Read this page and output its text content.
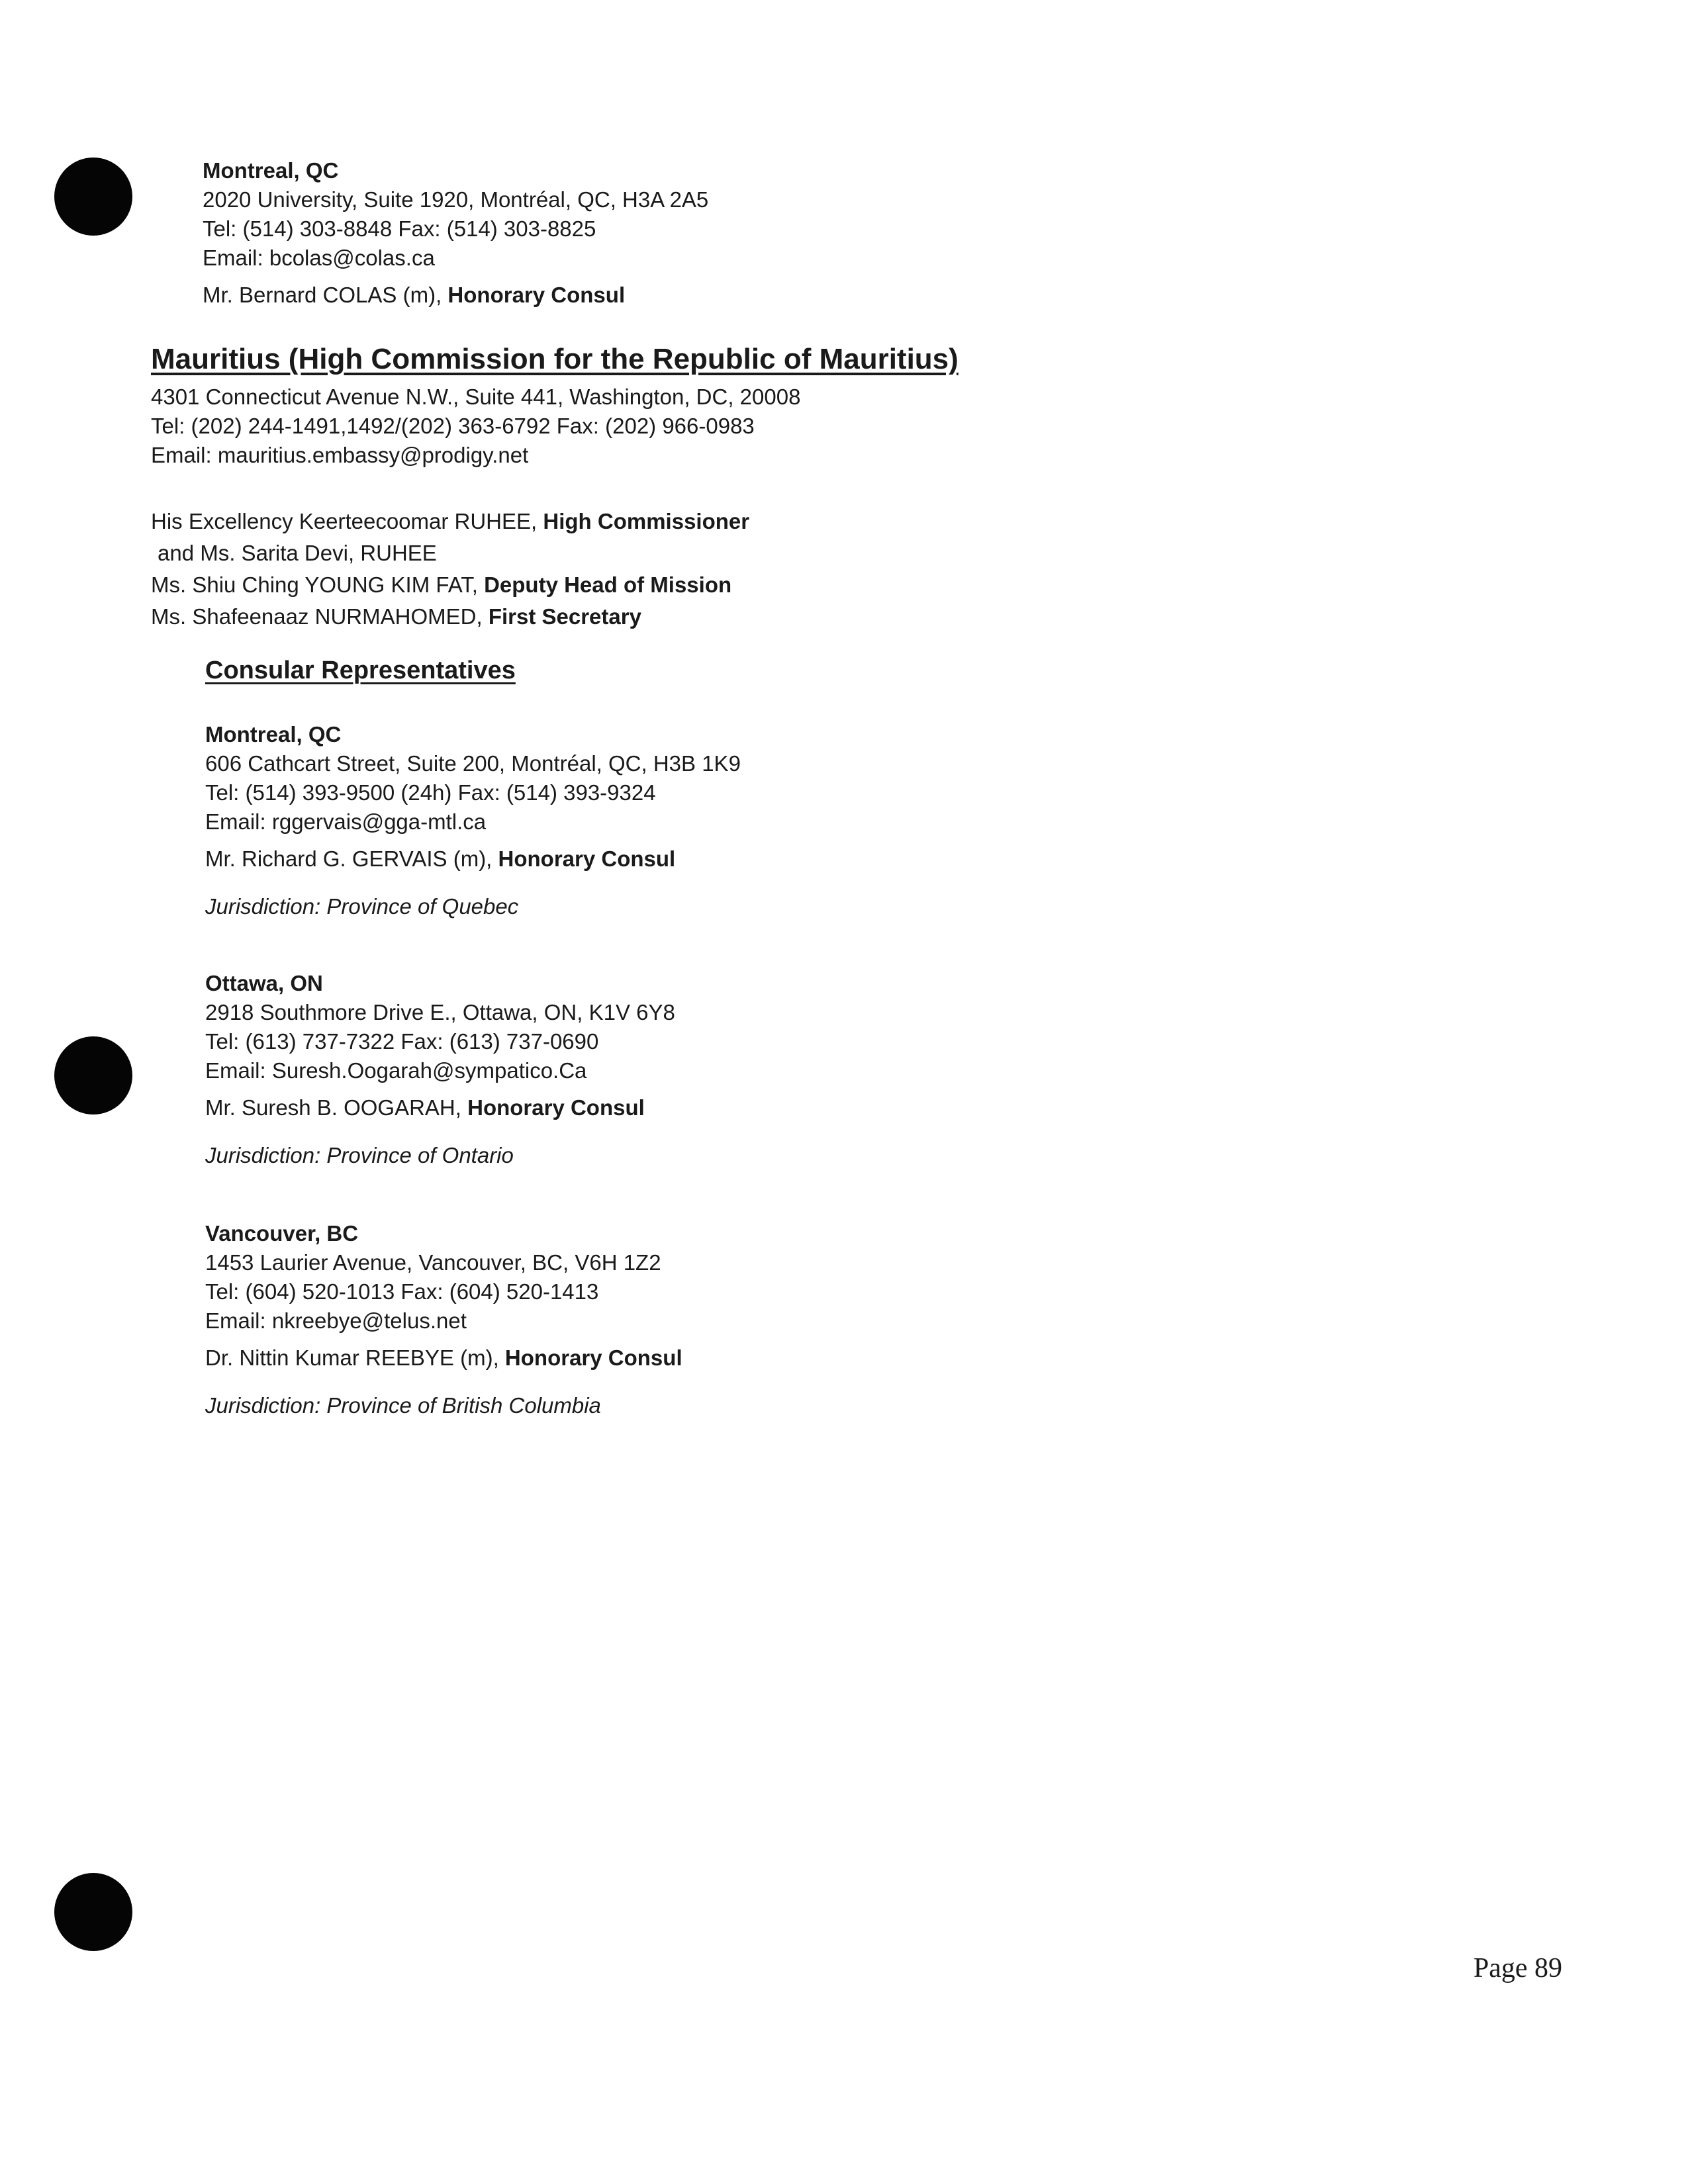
Montreal, QC
2020 University, Suite 1920, Montréal, QC, H3A 2A5
Tel: (514) 303-8848 Fax: (514) 303-8825
Email: bcolas@colas.ca
Mr. Bernard COLAS (m), Honorary Consul
Mauritius (High Commission for the Republic of Mauritius)
4301 Connecticut Avenue N.W., Suite 441, Washington, DC, 20008
Tel: (202) 244-1491,1492/(202) 363-6792 Fax: (202) 966-0983
Email: mauritius.embassy@prodigy.net
His Excellency Keerteecoomar RUHEE, High Commissioner
and Ms. Sarita Devi, RUHEE
Ms. Shiu Ching YOUNG KIM FAT, Deputy Head of Mission
Ms. Shafeenaaz NURMAHOMED, First Secretary
Consular Representatives
Montreal, QC
606 Cathcart Street, Suite 200, Montréal, QC, H3B 1K9
Tel: (514) 393-9500 (24h) Fax: (514) 393-9324
Email: rggervais@gga-mtl.ca
Mr. Richard G. GERVAIS (m), Honorary Consul
Jurisdiction: Province of Quebec
Ottawa, ON
2918 Southmore Drive E., Ottawa, ON, K1V 6Y8
Tel: (613) 737-7322 Fax: (613) 737-0690
Email: Suresh.Oogarah@sympatico.Ca
Mr. Suresh B. OOGARAH, Honorary Consul
Jurisdiction: Province of Ontario
Vancouver, BC
1453 Laurier Avenue, Vancouver, BC, V6H 1Z2
Tel: (604) 520-1013 Fax: (604) 520-1413
Email: nkreebye@telus.net
Dr. Nittin Kumar REEBYE (m), Honorary Consul
Jurisdiction: Province of British Columbia
Page 89
